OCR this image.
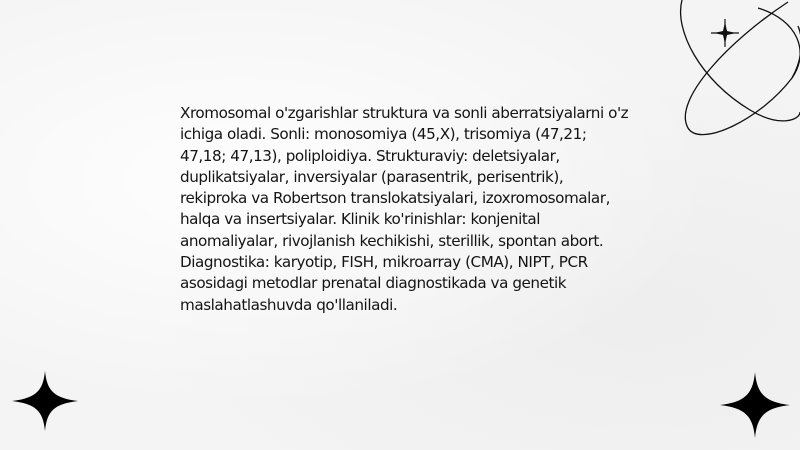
Xromosomal o'zgarishlar struktura va sonli aberratsiyalarni o'z ichiga oladi. Sonli: monosomiya (45,X), trisomiya (47,21; 47,18; 47,13), poliploidiya. Strukturaviy: deletsiyalar, duplikatsiyalar, inversiyalar (parasentrik, perisentrik), rekiproka va Robertson translokatsiyalari, izoxromosomalar, halqa va insertsiyalar. Klinik ko'rinishlar: konjenital anomaliyalar, rivojlanish kechikishi, sterillik, spontan abort. Diagnostika: karyotip, FISH, mikroarray (CMA), NIPT, PCR asosidagi metodlar prenatal diagnostikada va genetik maslahatlashuvda qo'llaniladi.
